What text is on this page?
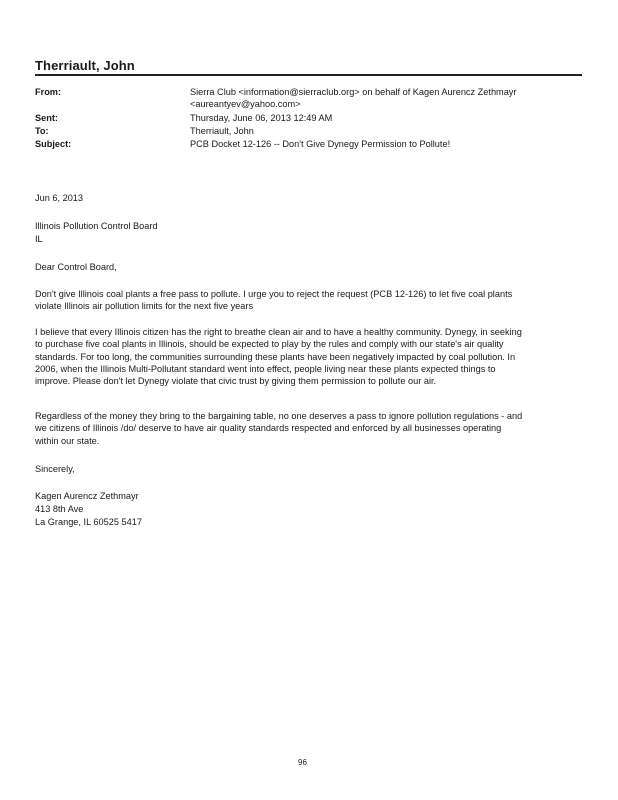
Therriault, John
From:	Sierra Club <information@sierraclub.org> on behalf of Kagen Aurencz Zethmayr
<aureantyev@yahoo.com>
Sent:	Thursday, June 06, 2013 12:49 AM
To:	Therriault, John
Subject:	PCB Docket 12-126 -- Don't Give Dynegy Permission to Pollute!
Jun 6, 2013
Illinois Pollution Control Board
IL
Dear Control Board,
Don't give Illinois coal plants a free pass to pollute. I urge you to reject the request (PCB 12-126) to let five coal plants
violate Illinois air pollution limits for the next five years
I believe that every Illinois citizen has the right to breathe clean air and to have a healthy community. Dynegy, in seeking
to purchase five coal plants in Illinois, should be expected to play by the rules and comply with our state's air quality
standards. For too long, the communities surrounding these plants have been negatively impacted by coal pollution. In
2006, when the Illinois Multi-Pollutant standard went into effect, people living near these plants expected things to
improve. Please don't let Dynegy violate that civic trust by giving them permission to pollute our air.
Regardless of the money they bring to the bargaining table, no one deserves a pass to ignore pollution regulations - and
we citizens of Illinois /do/ deserve to have air quality standards respected and enforced by all businesses operating
within our state.
Sincerely,
Kagen Aurencz Zethmayr
413 8th Ave
La Grange, IL 60525 5417
96
